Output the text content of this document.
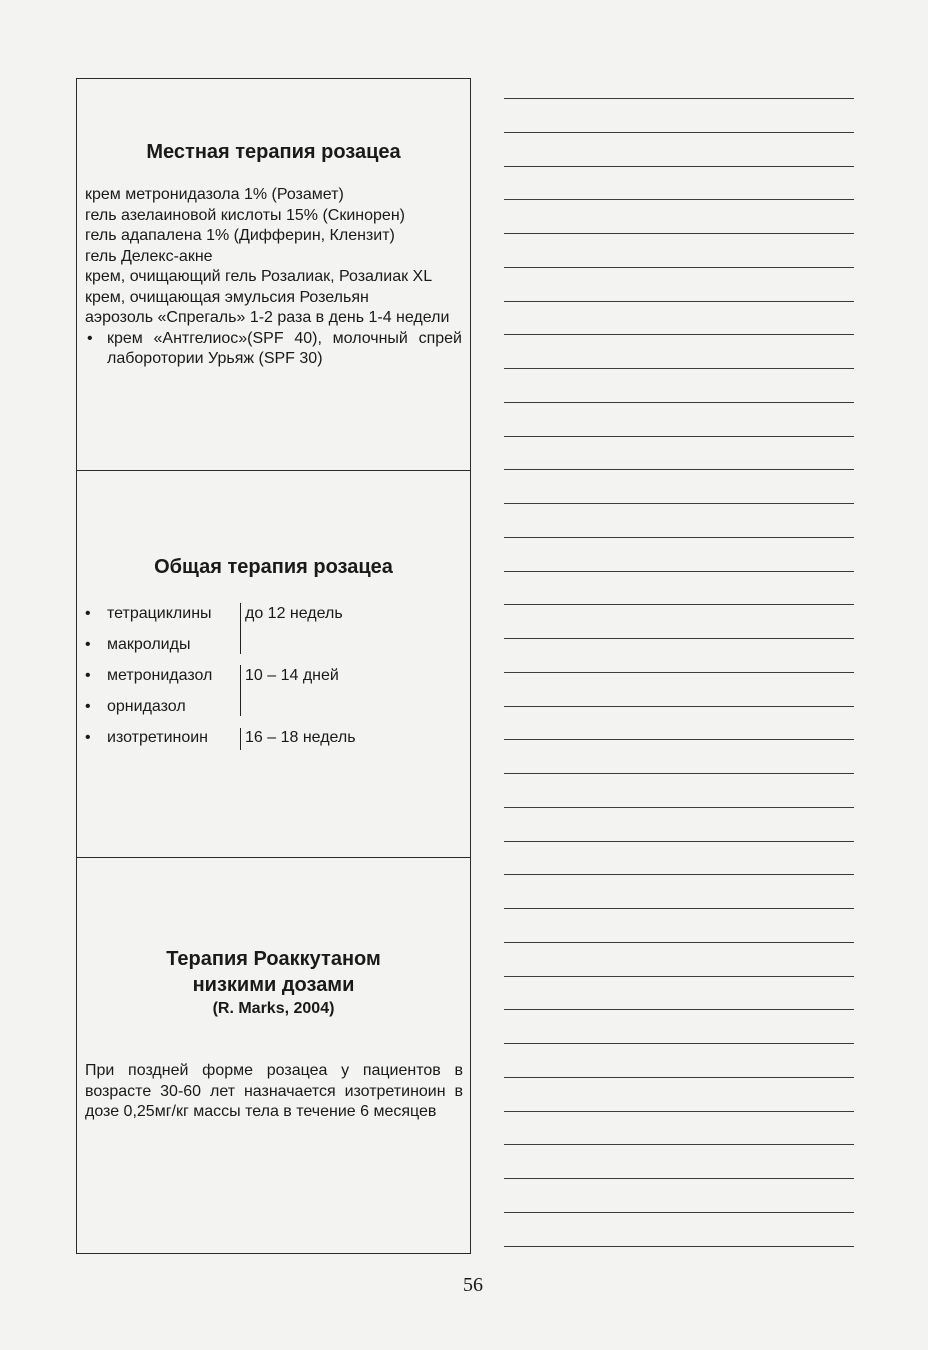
Местная терапия розацеа
крем метронидазола 1% (Розамет)
гель азелаиновой кислоты 15% (Скинорен)
гель адапалена 1% (Дифферин, Клензит)
гель Делекс-акне
крем, очищающий гель Розалиак, Розалиак XL
крем, очищающая эмульсия Розельян
аэрозоль «Спрегаль» 1-2 раза в день 1-4 недели
• крем «Антгелиос»(SPF 40), молочный спрей лаборотории Урьяж (SPF 30)
Общая терапия розацеа
• тетрациклины
• макролиды
• метронидазол
• орнидазол
• изотретиноин
до 12 недель
10 – 14 дней
16 – 18 недель
Терапия Роаккутаном
низкими дозами
(R. Marks, 2004)

При поздней форме розацеа у пациентов в возрасте 30-60 лет назначается изотретиноин в дозе 0,25мг/кг массы тела в течение 6 месяцев

56
